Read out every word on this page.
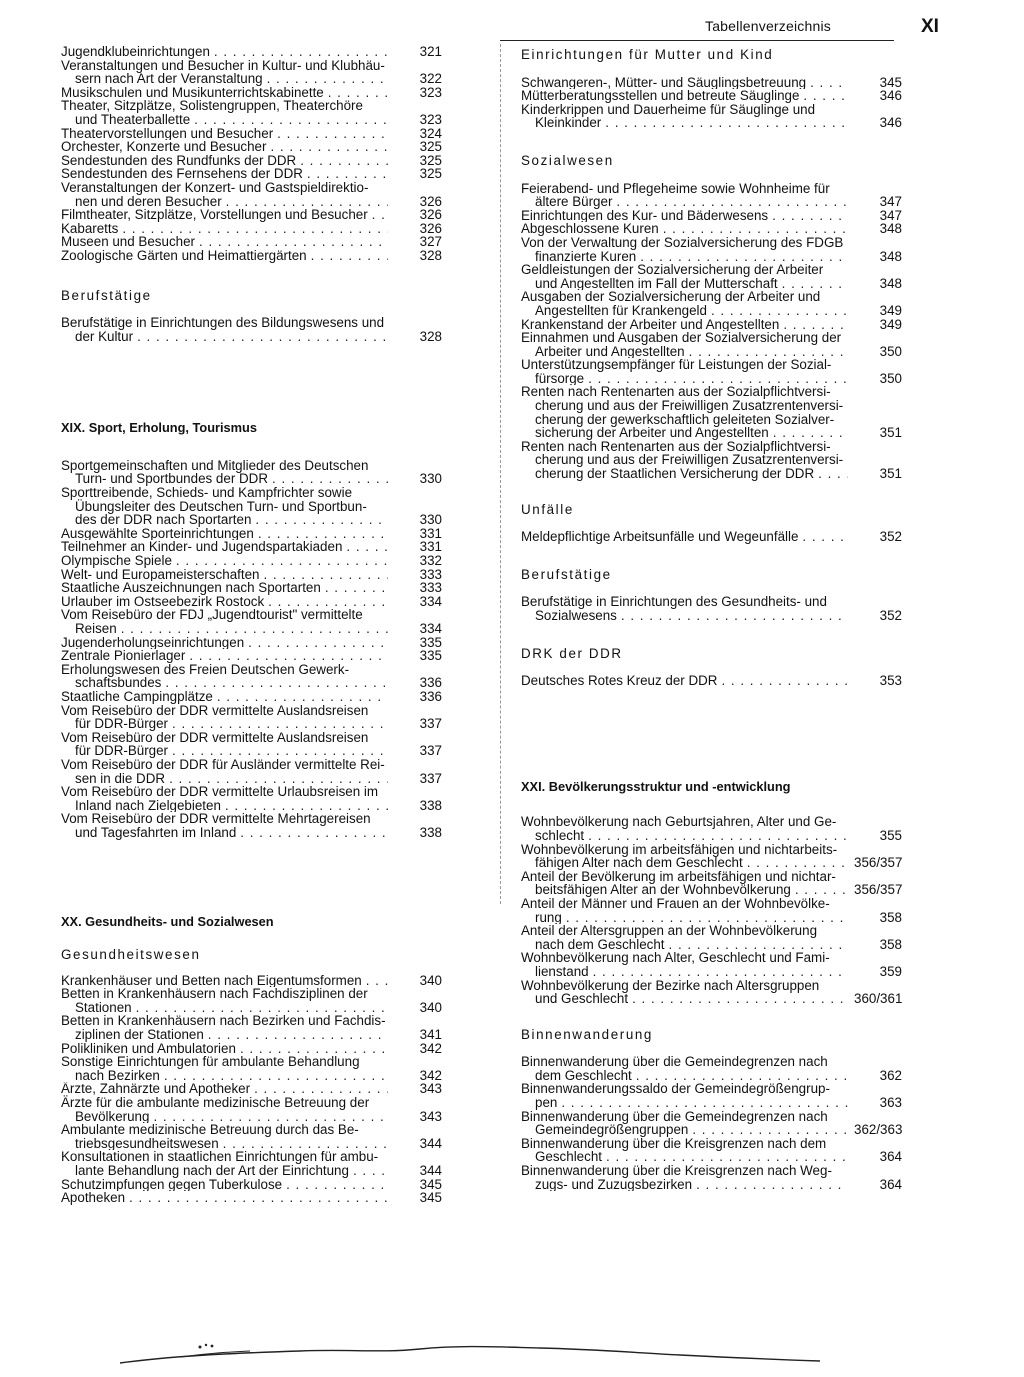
Tabellenverzeichnis	XI
Jugendklubeinrichtungen . . .	321
Veranstaltungen und Besucher in Kultur- und Klubhäu-
sern nach Art der Veranstaltung . . .	322
Musikschulen und Musikunterrichtskabinette . . .	323
Theater, Sitzplätze, Solistengruppen, Theaterchöre
und Theaterballette . . .	323
Theatervorstellungen und Besucher . . .	324
Orchester, Konzerte und Besucher . . .	325
Sendestunden des Rundfunks der DDR . . .	325
Sendestunden des Fernsehens der DDR . . .	325
Veranstaltungen der Konzert- und Gastspieldirektio-
nen und deren Besucher . . .	326
Filmtheater, Sitzplätze, Vorstellungen und Besucher . . .	326
Kabaretts . . .	326
Museen und Besucher . . .	327
Zoologische Gärten und Heimattiergärten . . .	328

Berufstätige

Berufstätige in Einrichtungen des Bildungswesens und
der Kultur . . .	328

XIX. Sport, Erholung, Tourismus

Sportgemeinschaften und Mitglieder des Deutschen
Turn- und Sportbundes der DDR . . .	330
Sporttreibende, Schieds- und Kampfrichter sowie
Übungsleiter des Deutschen Turn- und Sportbun-
des der DDR nach Sportarten . . .	330
Ausgewählte Sporteinrichtungen . . .	331
Teilnehmer an Kinder- und Jugendspartakiaden . . .	331
Olympische Spiele . . .	332
Welt- und Europameisterschaften . . .	333
Staatliche Auszeichnungen nach Sportarten . . .	333
Urlauber im Ostseebezirk Rostock . . .	334
Vom Reisebüro der FDJ „Jugendtourist" vermittelte
Reisen . . .	334
Jugenderholungseinrichtungen . . .	335
Zentrale Pionierlager . . .	335
Erholungswesen des Freien Deutschen Gewerk-
schaftsbundes . . .	336
Staatliche Campingplätze . . .	336
Vom Reisebüro der DDR vermittelte Auslandsreisen
für DDR-Bürger . . .	337
Vom Reisebüro der DDR vermittelte Auslandsreisen
für DDR-Bürger . . .	337
Vom Reisebüro der DDR für Ausländer vermittelte Rei-
sen in die DDR . . .	337
Vom Reisebüro der DDR vermittelte Urlaubsreisen im
Inland nach Zielgebieten . . .	338
Vom Reisebüro der DDR vermittelte Mehrtagereisen
und Tagesfahrten im Inland . . .	338

XX. Gesundheits- und Sozialwesen

Gesundheitswesen

Krankenhäuser und Betten nach Eigentumsformen . . .	340
Betten in Krankenhäusern nach Fachdisziplinen der
Stationen . . .	340
Betten in Krankenhäusern nach Bezirken und Fachdis-
ziplinen der Stationen . . .	341
Polikliniken und Ambulatorien . . .	342
Sonstige Einrichtungen für ambulante Behandlung
nach Bezirken . . .	342
Ärzte, Zahnärzte und Apotheker . . .	343
Ärzte für die ambulante medizinische Betreuung der
Bevölkerung . . .	343
Ambulante medizinische Betreuung durch das Be-
triebsgesundheitswesen . . .	344
Konsultationen in staatlichen Einrichtungen für ambu-
lante Behandlung nach der Art der Einrichtung . . .	344
Schutzimpfungen gegen Tuberkulose . . .	345
Apotheken . . .	345

Einrichtungen für Mutter und Kind

Schwangeren-, Mütter- und Säuglingsbetreuung . . .	345
Mütterberatungsstellen und betreute Säuglinge . . .	346
Kinderkrippen und Dauerheime für Säuglinge und
Kleinkinder . . .	346

Sozialwesen

Feierabend- und Pflegeheime sowie Wohnheime für
ältere Bürger . . .	347
Einrichtungen des Kur- und Bäderwesens . . .	347
Abgeschlossene Kuren . . .	348
Von der Verwaltung der Sozialversicherung des FDGB
finanzierte Kuren . . .	348
Geldleistungen der Sozialversicherung der Arbeiter
und Angestellten im Fall der Mutterschaft . . .	348
Ausgaben der Sozialversicherung der Arbeiter und
Angestellten für Krankengeld . . .	349
Krankenstand der Arbeiter und Angestellten . . .	349
Einnahmen und Ausgaben der Sozialversicherung der
Arbeiter und Angestellten . . .	350
Unterstützungsempfänger für Leistungen der Sozial-
fürsorge . . .	350
Renten nach Rentenarten aus der Sozialpflichtversi-
cherung und aus der Freiwilligen Zusatzrentenversi-
cherung der gewerkschaftlich geleiteten Sozialver-
sicherung der Arbeiter und Angestellten . . .	351
Renten nach Rentenarten aus der Sozialpflichtversi-
cherung und aus der Freiwilligen Zusatzrentenversi-
cherung der Staatlichen Versicherung der DDR . . .	351

Unfälle

Meldepflichtige Arbeitsunfälle und Wegeunfälle . . .	352

Berufstätige

Berufstätige in Einrichtungen des Gesundheits- und
Sozialwesens . . .	352

DRK der DDR

Deutsches Rotes Kreuz der DDR . . .	353

XXI. Bevölkerungsstruktur und -entwicklung

Wohnbevölkerung nach Geburtsjahren, Alter und Ge-
schlecht . . .	355
Wohnbevölkerung im arbeitsfähigen und nichtarbeits-
fähigen Alter nach dem Geschlecht . . .	356/357
Anteil der Bevölkerung im arbeitsfähigen und nichtar-
beitsfähigen Alter an der Wohnbevölkerung . . .	356/357
Anteil der Männer und Frauen an der Wohnbevölke-
rung . . .	358
Anteil der Altersgruppen an der Wohnbevölkerung
nach dem Geschlecht . . .	358
Wohnbevölkerung nach Alter, Geschlecht und Fami-
lienstand . . .	359
Wohnbevölkerung der Bezirke nach Altersgruppen
und Geschlecht . . .	360/361

Binnenwanderung

Binnenwanderung über die Gemeindegrenzen nach
dem Geschlecht . . .	362
Binnenwanderungssaldo der Gemeindegrößengrup-
pen . . .	363
Binnenwanderung über die Gemeindegrenzen nach
Gemeindegrößengruppen . . .	362/363
Binnenwanderung über die Kreisgrenzen nach dem
Geschlecht . . .	364
Binnenwanderung über die Kreisgrenzen nach Weg-
zugs- und Zuzugsbezirken . . .	364
